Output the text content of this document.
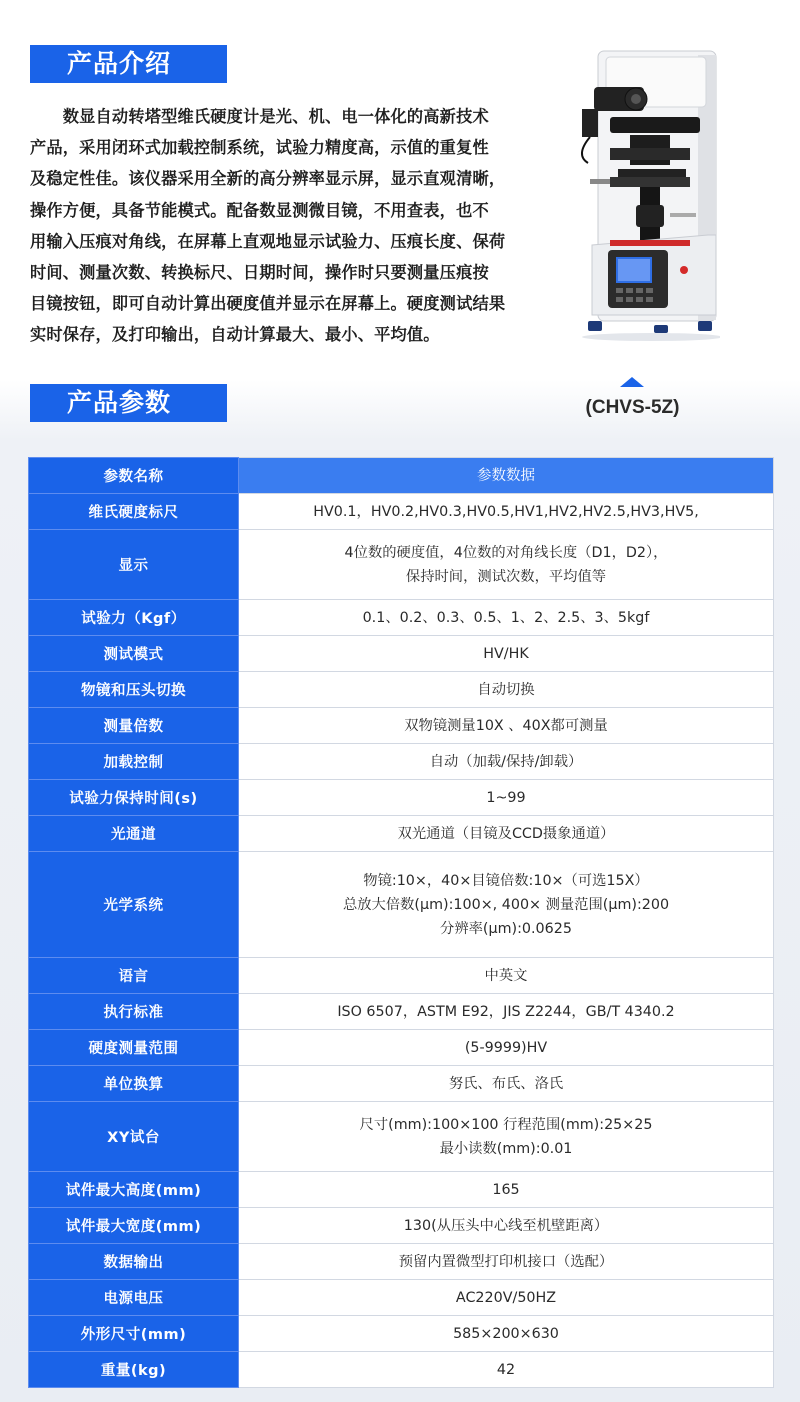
产品介绍
　　数显自动转塔型维氏硬度计是光、机、电一体化的高新技术
产品，采用闭环式加载控制系统，试验力精度高，示值的重复性
及稳定性佳。该仪器采用全新的高分辨率显示屏，显示直观清晰，
操作方便，具备节能模式。配备数显测微目镜，不用查表，也不
用输入压痕对角线，在屏幕上直观地显示试验力、压痕长度、保荷
时间、测量次数、转换标尺、日期时间，操作时只要测量压痕按
目镜按钮，即可自动计算出硬度值并显示在屏幕上。硬度测试结果
实时保存，及打印输出，自动计算最大、最小、平均值。
产品参数	(CHVS-5Z)
参数名称	参数数据
维氏硬度标尺	HV0.1，HV0.2,HV0.3,HV0.5,HV1,HV2,HV2.5,HV3,HV5,

显示	4位数的硬度值，4位数的对角线长度（D1，D2），
保持时间，测试次数，平均值等

试验力（Kgf）	0.1、0.2、0.3、0.5、1、2、2.5、3、5kgf

测试模式	HV/HK

物镜和压头切换	自动切换

测量倍数	双物镜测量10X 、40X都可测量

加载控制	自动（加载/保持/卸载）

试验力保持时间(s)	1~99

光通道	双光通道（目镜及CCD摄象通道）

光学系统	物镜:10×，40×目镜倍数:10×（可选15X）
总放大倍数(μm):100×, 400× 测量范围(μm):200
分辨率(μm):0.0625

语言	中英文

执行标准	ISO 6507，ASTM E92，JIS Z2244，GB/T 4340.2

硬度测量范围	(5-9999)HV

单位换算	努氏、布氏、洛氏

XY试台	尺寸(mm):100×100 行程范围(mm):25×25
最小读数(mm):0.01

试件最大高度(mm)	165

试件最大宽度(mm)	130(从压头中心线至机壁距离）

数据输出	预留内置微型打印机接口（选配）

电源电压	AC220V/50HZ

外形尺寸(mm)	585×200×630

重量(kg)	42
